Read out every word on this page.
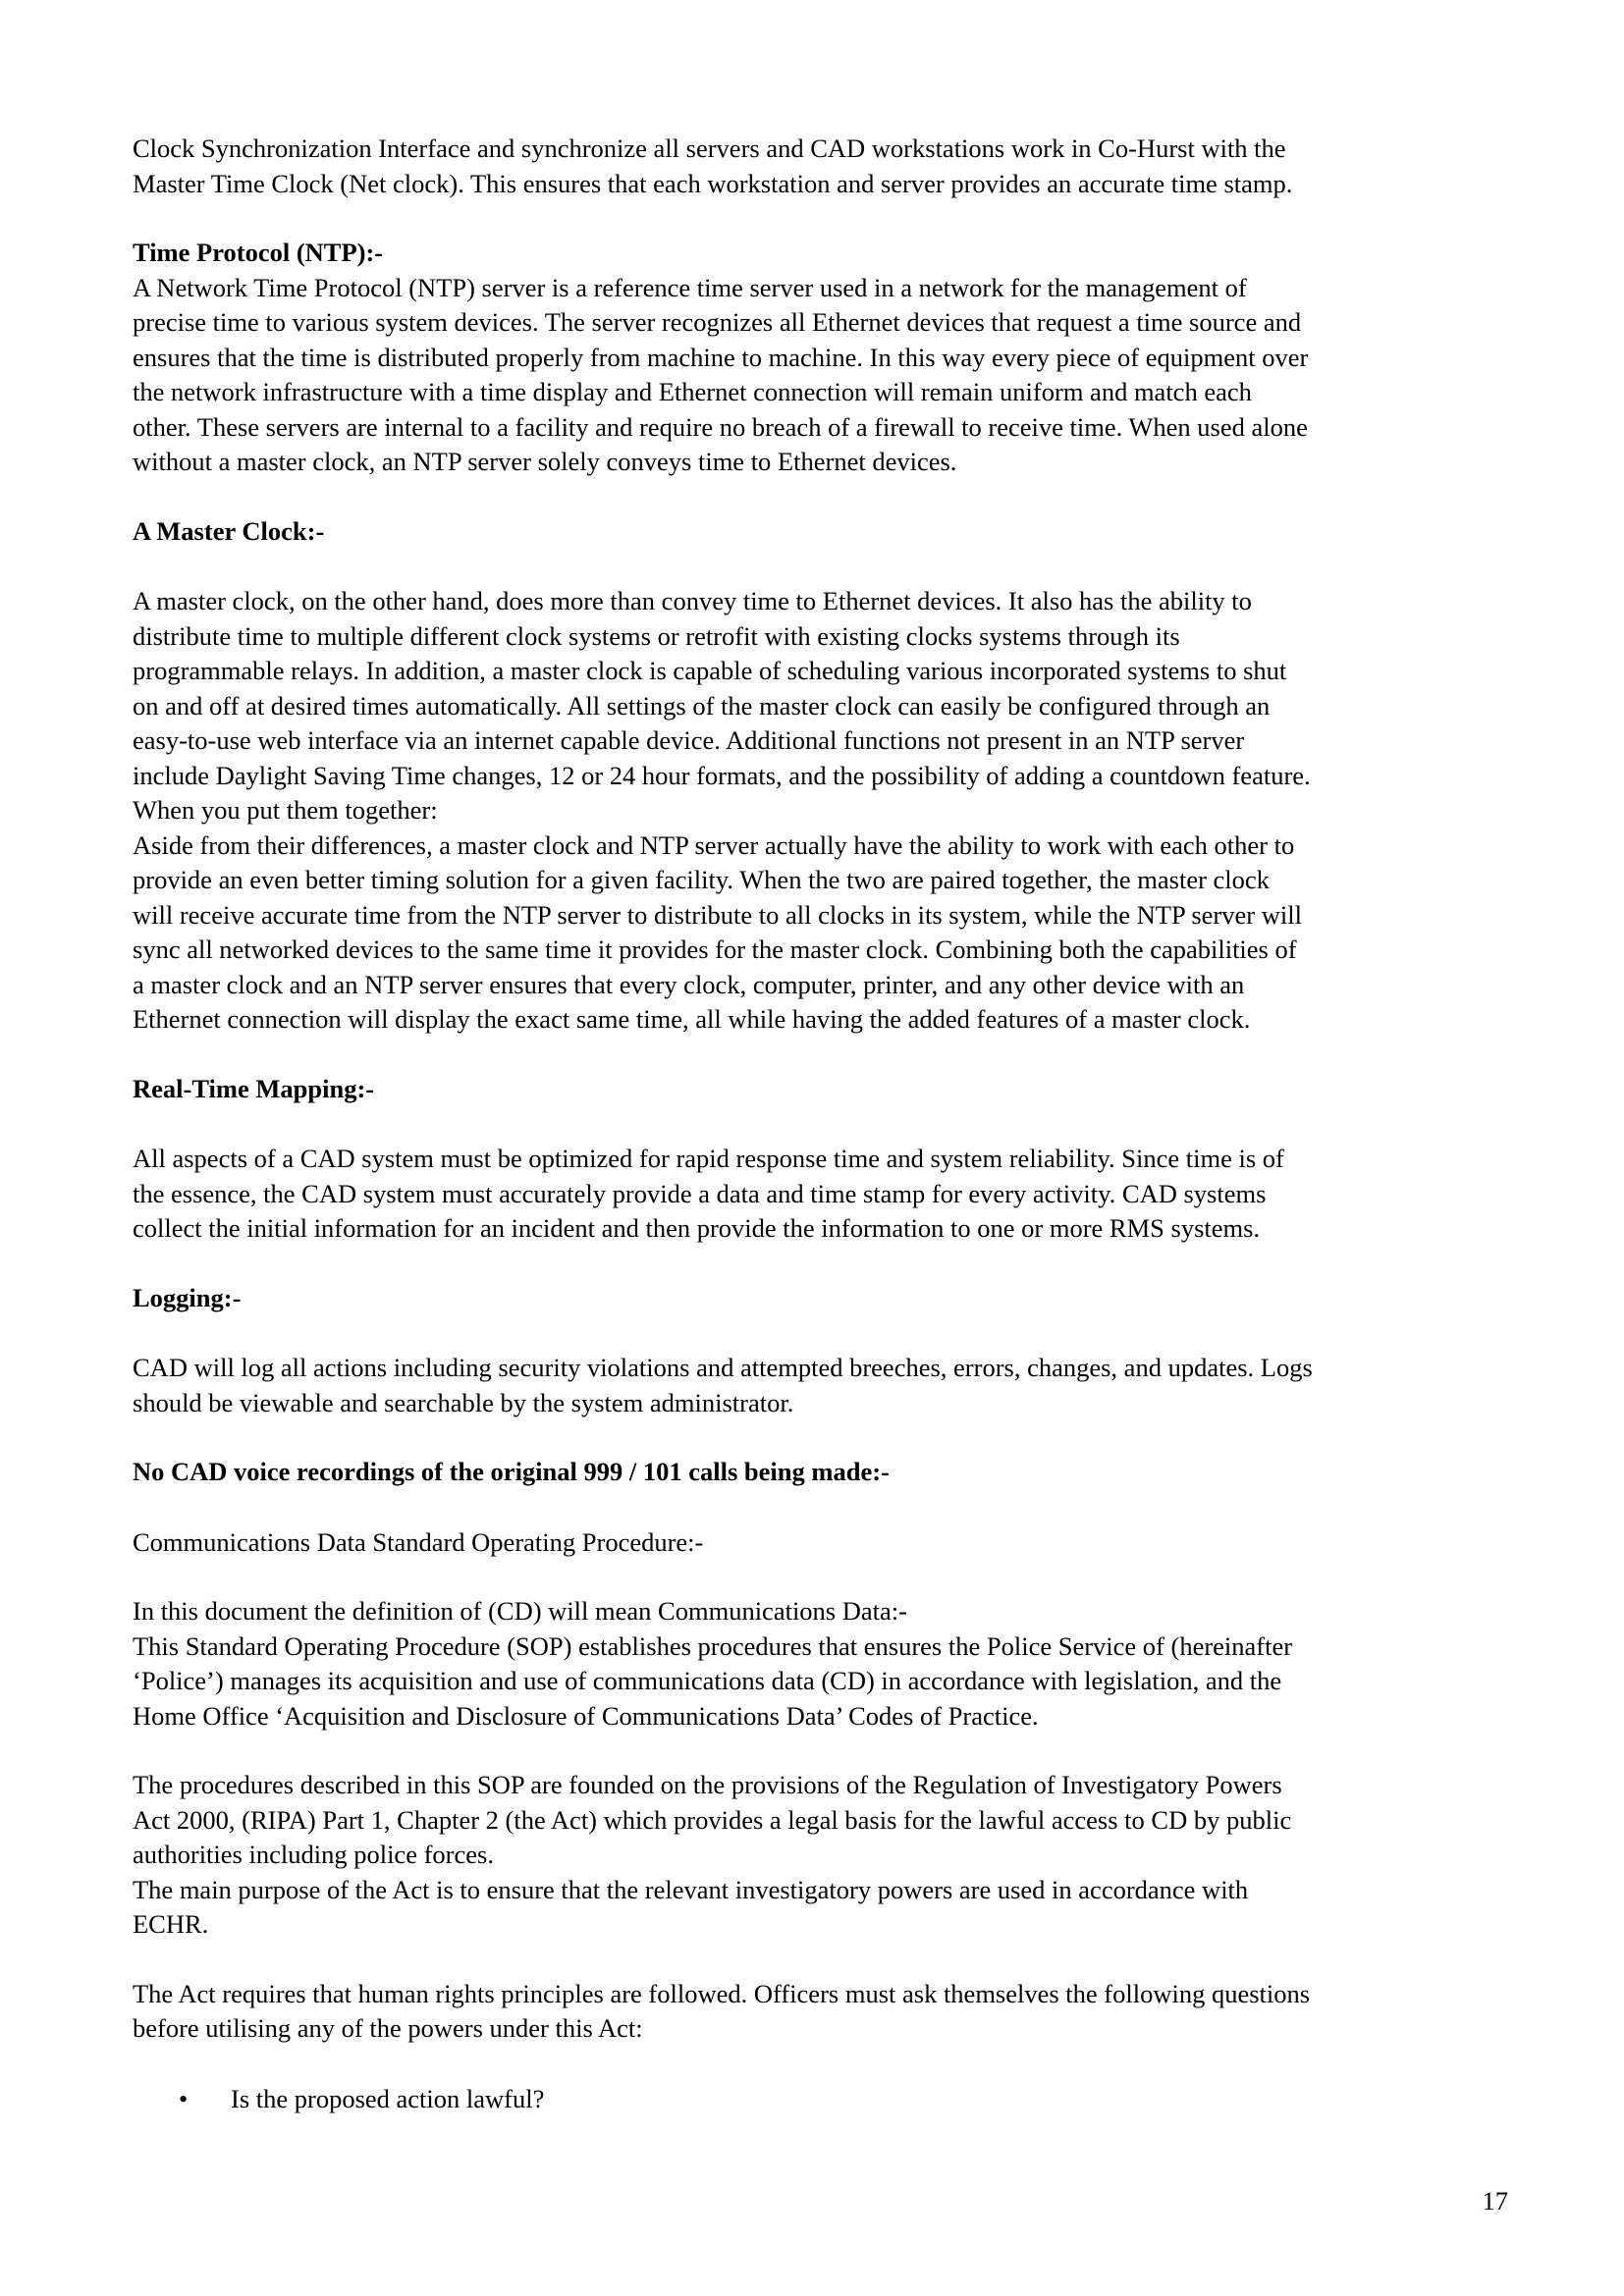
Clock Synchronization Interface and synchronize all servers and CAD workstations work in Co-Hurst with the
Master Time Clock (Net clock). This ensures that each workstation and server provides an accurate time stamp.

Time Protocol (NTP):-

A Network Time Protocol (NTP) server is a reference time server used in a network for the management of
precise time to various system devices. The server recognizes all Ethernet devices that request a time source and
ensures that the time is distributed properly from machine to machine. In this way every piece of equipment over
the network infrastructure with a time display and Ethernet connection will remain uniform and match each
other. These servers are internal to a facility and require no breach of a firewall to receive time. When used alone
without a master clock, an NTP server solely conveys time to Ethernet devices.

A Master Clock:-

A master clock, on the other hand, does more than convey time to Ethernet devices. It also has the ability to
distribute time to multiple different clock systems or retrofit with existing clocks systems through its
programmable relays. In addition, a master clock is capable of scheduling various incorporated systems to shut
on and off at desired times automatically. All settings of the master clock can easily be configured through an
easy-to-use web interface via an internet capable device. Additional functions not present in an NTP server
include Daylight Saving Time changes, 12 or 24 hour formats, and the possibility of adding a countdown feature.
When you put them together:
Aside from their differences, a master clock and NTP server actually have the ability to work with each other to
provide an even better timing solution for a given facility. When the two are paired together, the master clock
will receive accurate time from the NTP server to distribute to all clocks in its system, while the NTP server will
sync all networked devices to the same time it provides for the master clock. Combining both the capabilities of
a master clock and an NTP server ensures that every clock, computer, printer, and any other device with an
Ethernet connection will display the exact same time, all while having the added features of a master clock.

Real-Time Mapping:-

All aspects of a CAD system must be optimized for rapid response time and system reliability. Since time is of
the essence, the CAD system must accurately provide a data and time stamp for every activity. CAD systems
collect the initial information for an incident and then provide the information to one or more RMS systems.

Logging:-

CAD will log all actions including security violations and attempted breeches, errors, changes, and updates. Logs
should be viewable and searchable by the system administrator.

No CAD voice recordings of the original 999 / 101 calls being made:-

Communications Data Standard Operating Procedure:-

In this document the definition of (CD) will mean Communications Data:-
This Standard Operating Procedure (SOP) establishes procedures that ensures the Police Service of (hereinafter
‘Police’) manages its acquisition and use of communications data (CD) in accordance with legislation, and the
Home Office ‘Acquisition and Disclosure of Communications Data’ Codes of Practice.

The procedures described in this SOP are founded on the provisions of the Regulation of Investigatory Powers
Act 2000, (RIPA) Part 1, Chapter 2 (the Act) which provides a legal basis for the lawful access to CD by public
authorities including police forces.
The main purpose of the Act is to ensure that the relevant investigatory powers are used in accordance with
ECHR.

The Act requires that human rights principles are followed. Officers must ask themselves the following questions
before utilising any of the powers under this Act:

• Is the proposed action lawful?
17
